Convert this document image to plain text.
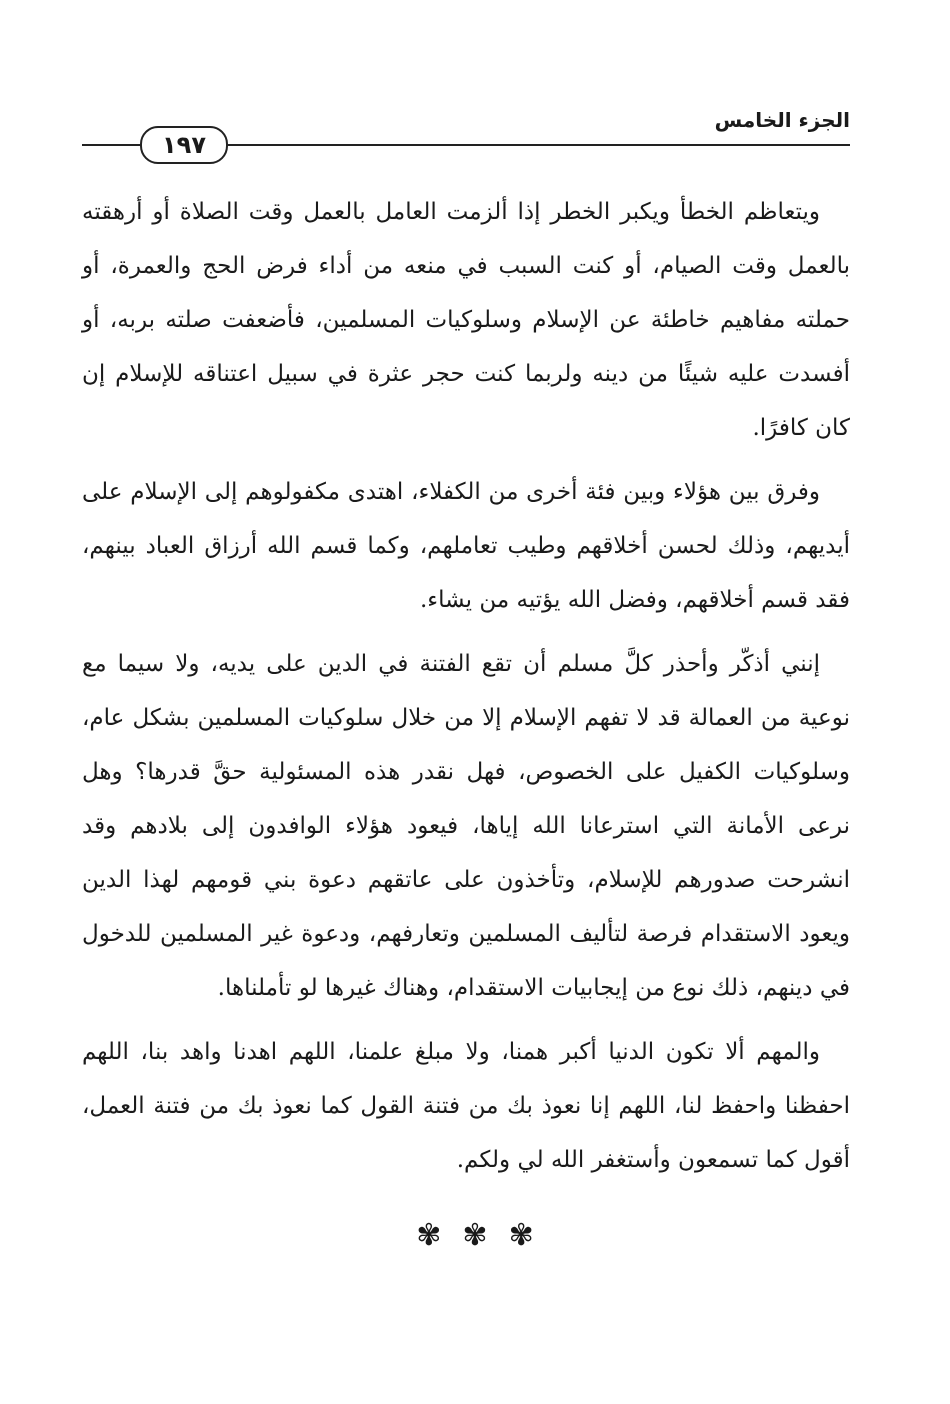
الجزء الخامس
١٩٧

ويتعاظم الخطأ ويكبر الخطر إذا ألزمت العامل بالعمل وقت الصلاة أو أرهقته بالعمل وقت الصيام، أو كنت السبب في منعه من أداء فرض الحج والعمرة، أو حملته مفاهيم خاطئة عن الإسلام وسلوكيات المسلمين، فأضعفت صلته بربه، أو أفسدت عليه شيئًا من دينه ولربما كنت حجر عثرة في سبيل اعتناقه للإسلام إن كان كافرًا.

وفرق بين هؤلاء وبين فئة أخرى من الكفلاء، اهتدى مكفولوهم إلى الإسلام على أيديهم، وذلك لحسن أخلاقهم وطيب تعاملهم، وكما قسم الله أرزاق العباد بينهم، فقد قسم أخلاقهم، وفضل الله يؤتيه من يشاء.

إنني أذكّر وأحذر كلَّ مسلم أن تقع الفتنة في الدين على يديه، ولا سيما مع نوعية من العمالة قد لا تفهم الإسلام إلا من خلال سلوكيات المسلمين بشكل عام، وسلوكيات الكفيل على الخصوص، فهل نقدر هذه المسئولية حقَّ قدرها؟ وهل نرعى الأمانة التي استرعانا الله إياها، فيعود هؤلاء الوافدون إلى بلادهم وقد انشرحت صدورهم للإسلام، وتأخذون على عاتقهم دعوة بني قومهم لهذا الدين ويعود الاستقدام فرصة لتأليف المسلمين وتعارفهم، ودعوة غير المسلمين للدخول في دينهم، ذلك نوع من إيجابيات الاستقدام، وهناك غيرها لو تأملناها.

والمهم ألا تكون الدنيا أكبر همنا، ولا مبلغ علمنا، اللهم اهدنا واهد بنا، اللهم احفظنا واحفظ لنا، اللهم إنا نعوذ بك من فتنة القول كما نعوذ بك من فتنة العمل، أقول كما تسمعون وأستغفر الله لي ولكم.

✾ ✾ ✾
